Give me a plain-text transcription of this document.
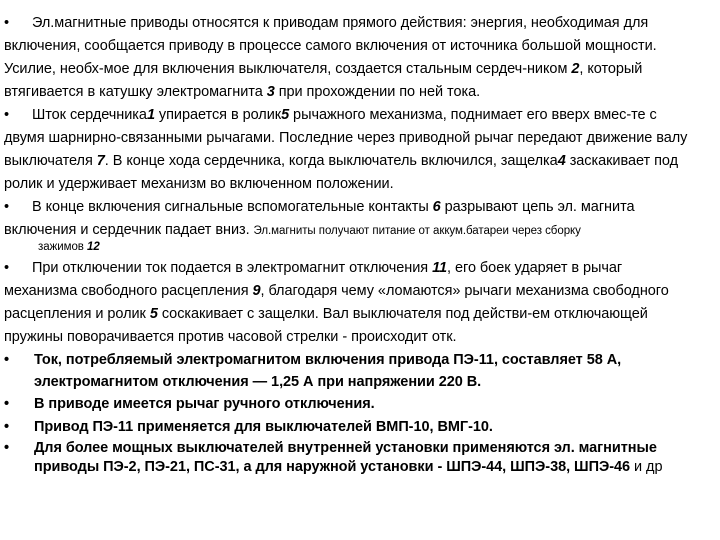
• Эл.магнитные приводы относятся к приводам прямого действия: энергия, необходимая для включения, сообщается приводу в процессе самого включения от источника большой мощности. Усилие, необх-мое для включения выключателя, создается стальным сердеч-ником 2, который втягивается в катушку электромагнита 3 при прохождении по ней тока.

• Шток сердечника1 упирается в ролик5 рычажного механизма, поднимает его вверх вмес-те с двумя шарнирно-связанными рычагами. Последние через приводной рычаг передают движение валу выключателя 7. В конце хода сердечника, когда выключатель включился, защелка4 заскакивает под ролик и удерживает механизм во включенном положении.

• В конце включения сигнальные вспомогательные контакты 6 разрывают цепь эл. магнита включения и сердечник падает вниз. Эл.магниты получают питание от аккум.батареи через сборку
зажимов 12

• При отключении ток подается в электромагнит отключения 11, его боек ударяет в рычаг механизма свободного расцепления 9, благодаря чему «ломаются» рычаги механизма свободного расцепления и ролик 5 соскакивает с защелки. Вал выключателя под действи-ем отключающей пружины поворачивается против часовой стрелки - происходит отк.

• Ток, потребляемый электромагнитом включения привода ПЭ-11, составляет 58 А, электромагнитом отключения — 1,25 А при напряжении 220 В.

• В приводе имеется рычаг ручного отключения.

• Привод ПЭ-11 применяется для выключателей ВМП-10, ВМГ-10.

• Для более мощных выключателей внутренней установки применяются эл. магнитные приводы ПЭ-2, ПЭ-21, ПС-31, а для наружной установки - ШПЭ-44, ШПЭ-38, ШПЭ-46 и др
